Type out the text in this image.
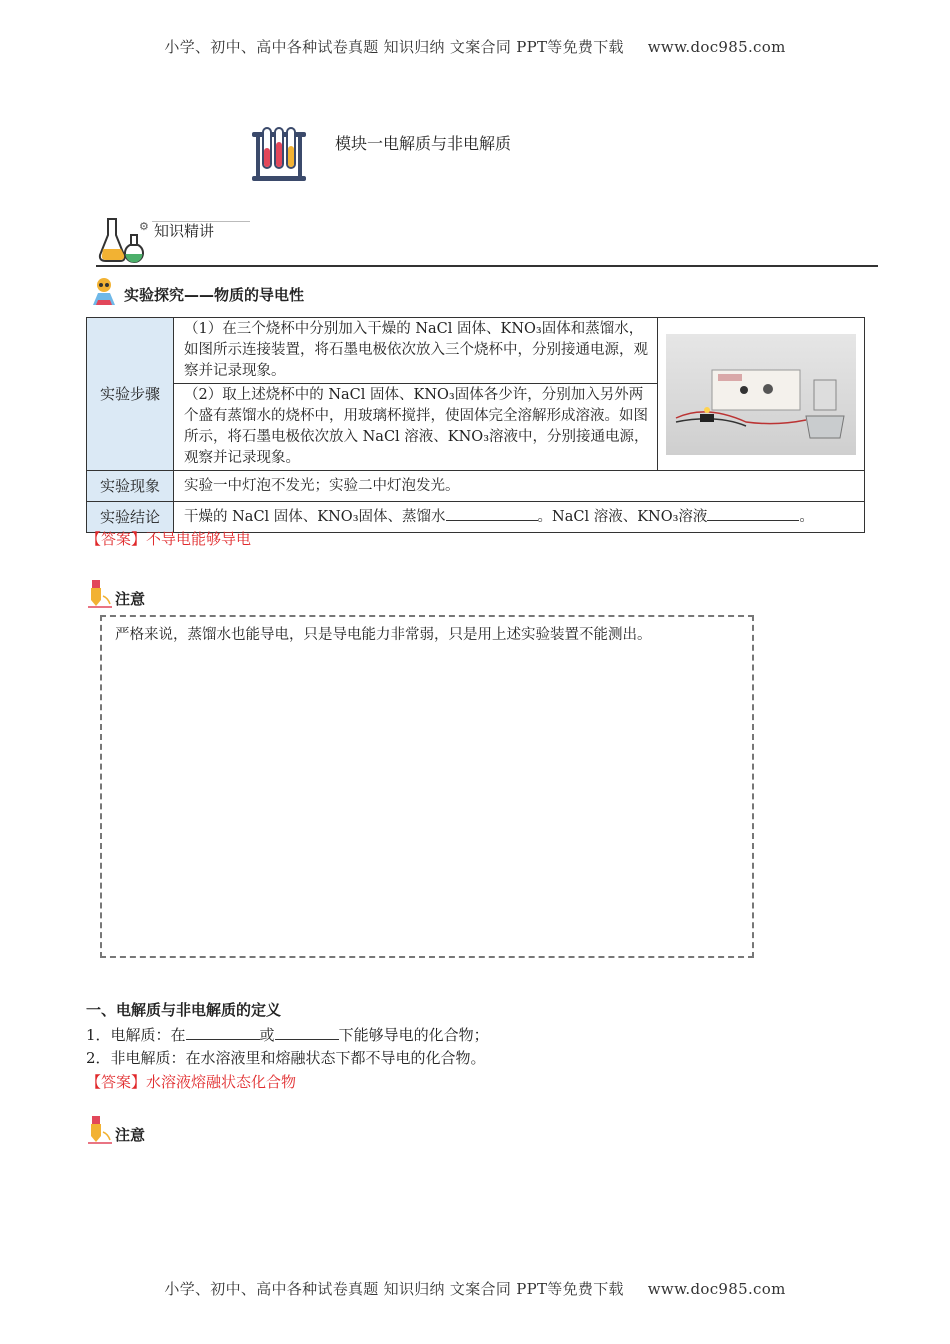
小学、初中、高中各种试卷真题 知识归纳 文案合同 PPT等免费下载 www.doc985.com
模块一电解质与非电解质
⚙ 知识精讲
实验探究——物质的导电性
实验步骤	（1）在三个烧杯中分别加入干燥的 NaCl 固体、KNO₃固体和蒸馏水，如图所示连接装置，将石墨电极依次放入三个烧杯中，分别接通电源，观察并记录现象。	

	（2）取上述烧杯中的 NaCl 固体、KNO₃固体各少许，分别加入另外两个盛有蒸馏水的烧杯中，用玻璃杯搅拌，使固体完全溶解形成溶液。如图所示，将石墨电极依次放入 NaCl 溶液、KNO₃溶液中，分别接通电源，观察并记录现象。	
实验现象	实验一中灯泡不发光；实验二中灯泡发光。	
实验结论	干燥的 NaCl 固体、KNO₃固体、蒸馏水 。NaCl 溶液、KNO₃溶液 。	
【答案】不导电能够导电
注意
严格来说，蒸馏水也能导电，只是导电能力非常弱，只是用上述实验装置不能测出。
一、电解质与非电解质的定义
1．电解质：在	或	下能够导电的化合物；
2．非电解质：在水溶液里和熔融状态下都不导电的化合物。
【答案】水溶液熔融状态化合物
注意
小学、初中、高中各种试卷真题 知识归纳 文案合同 PPT等免费下载 www.doc985.com
